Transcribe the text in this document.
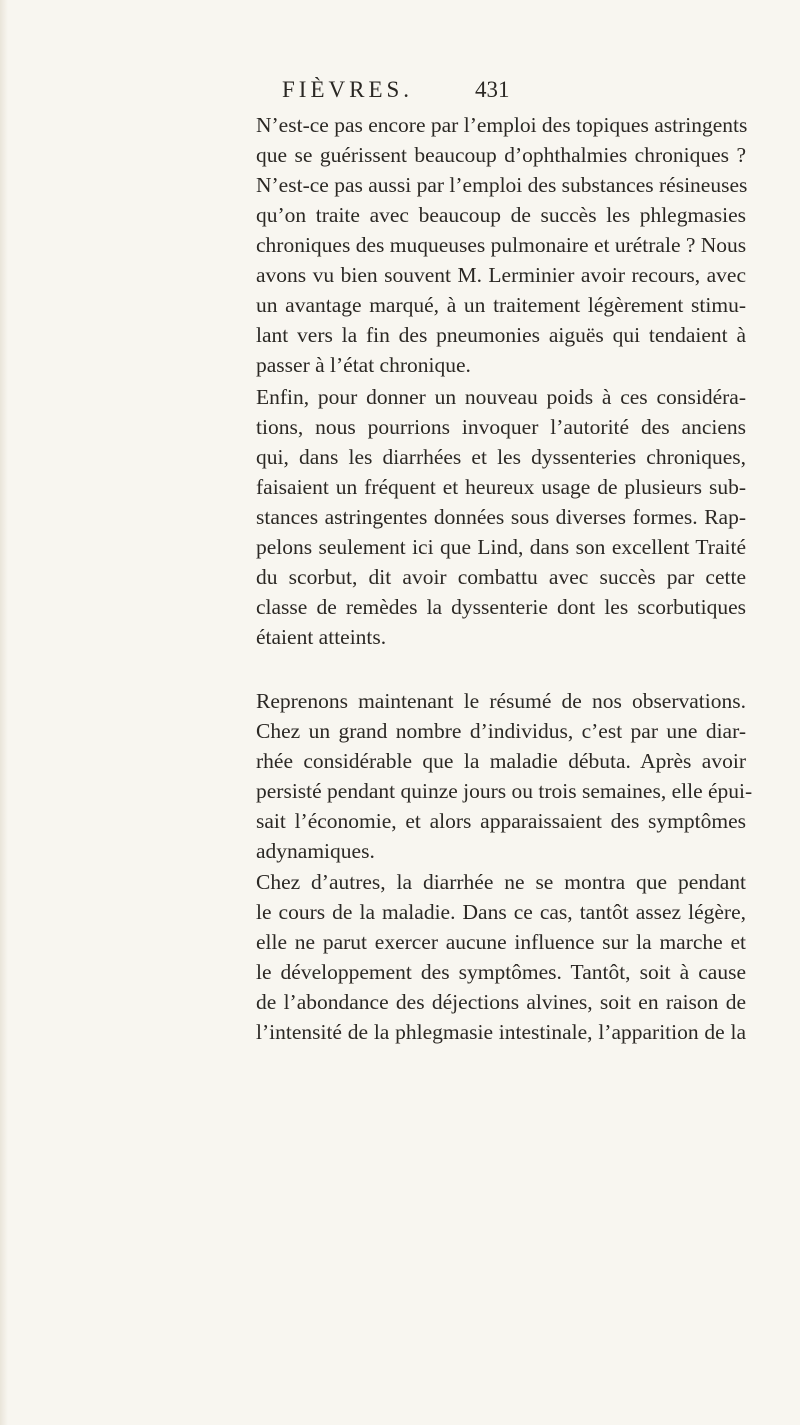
FIÈVRES.	431
N’est-ce pas encore par l’emploi des topiques astringents
que se guérissent beaucoup d’ophthalmies chroniques ?
N’est-ce pas aussi par l’emploi des substances résineuses
qu’on traite avec beaucoup de succès les phlegmasies
chroniques des muqueuses pulmonaire et urétrale ? Nous
avons vu bien souvent M. Lerminier avoir recours, avec
un avantage marqué, à un traitement légèrement stimu-
lant vers la fin des pneumonies aiguës qui tendaient à
passer à l’état chronique.
Enfin, pour donner un nouveau poids à ces considéra-
tions, nous pourrions invoquer l’autorité des anciens
qui, dans les diarrhées et les dyssenteries chroniques,
faisaient un fréquent et heureux usage de plusieurs sub-
stances astringentes données sous diverses formes. Rap-
pelons seulement ici que Lind, dans son excellent Traité
du scorbut, dit avoir combattu avec succès par cette
classe de remèdes la dyssenterie dont les scorbutiques
étaient atteints.
Reprenons maintenant le résumé de nos observations.
Chez un grand nombre d’individus, c’est par une diar-
rhée considérable que la maladie débuta. Après avoir
persisté pendant quinze jours ou trois semaines, elle épui-
sait l’économie, et alors apparaissaient des symptômes
adynamiques.
Chez d’autres, la diarrhée ne se montra que pendant
le cours de la maladie. Dans ce cas, tantôt assez légère,
elle ne parut exercer aucune influence sur la marche et
le développement des symptômes. Tantôt, soit à cause
de l’abondance des déjections alvines, soit en raison de
l’intensité de la phlegmasie intestinale, l’apparition de la
